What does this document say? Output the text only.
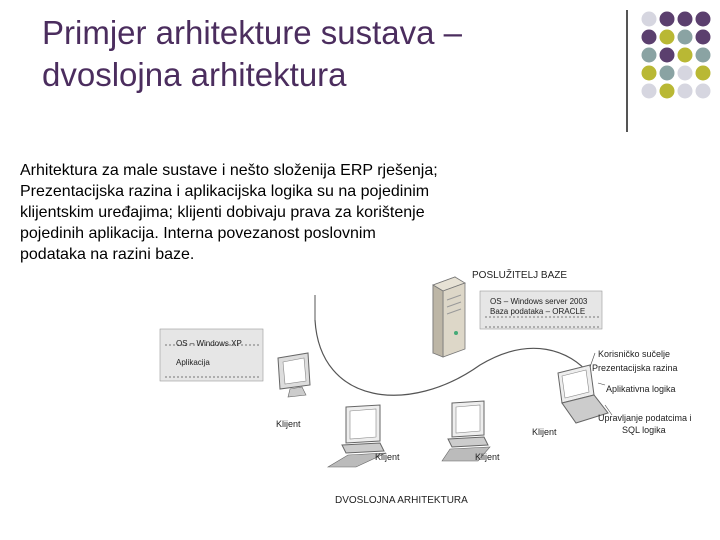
Primjer arhitekture sustava –
dvoslojna arhitektura
Arhitektura za male sustave i nešto složenija ERP rješenja; Prezentacijska razina i aplikacijska logika su na pojedinim klijentskim uređajima; klijenti dobivaju prava za korištenje pojedinih aplikacija. Interna povezanost poslovnim podataka na razini baze.
POSLUŽITELJ BAZE
OS – Windows server 2003
Baza podataka – ORACLE
OS – Windows XP
Aplikacija
Klijent
Klijent	Klijent
Klijent
Korisničko sučelje
Prezentacijska razina
Aplikativna logika
Upravljanje podatcima i
SQL logika
DVOSLOJNA ARHITEKTURA
